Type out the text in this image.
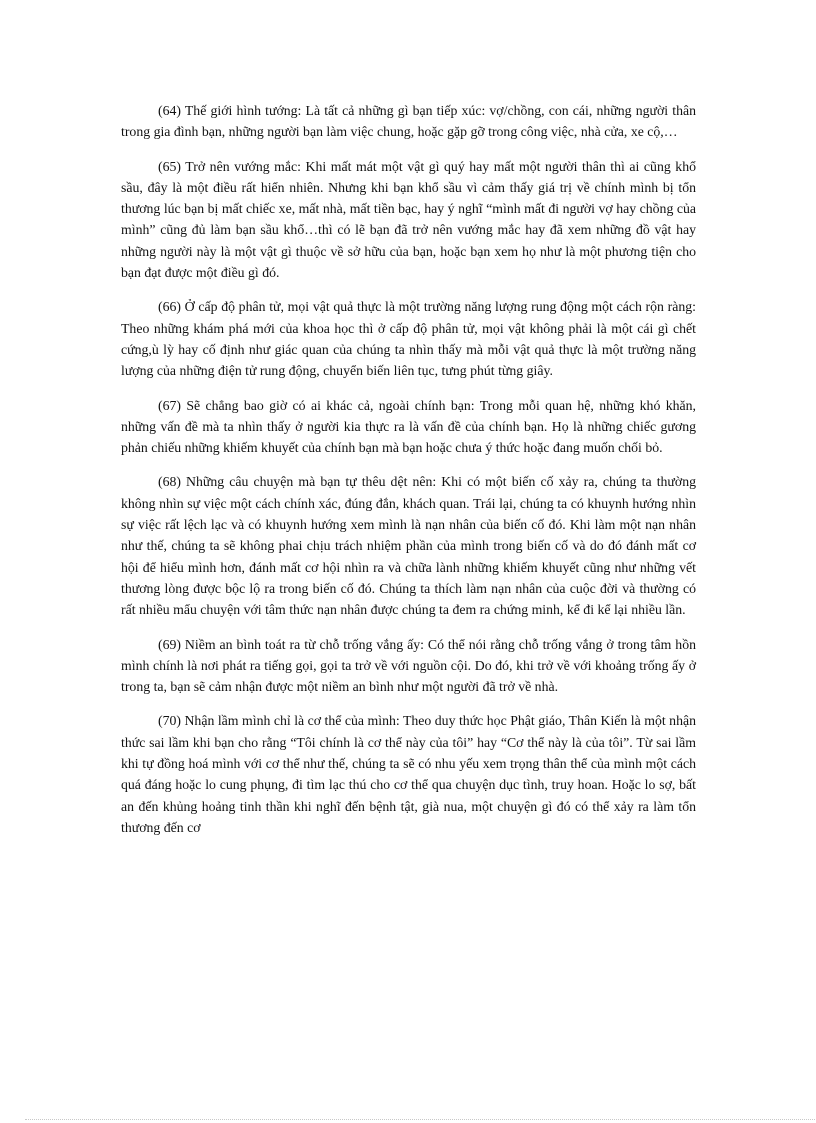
(64) Thế giới hình tướng: Là tất cả những gì bạn tiếp xúc: vợ/chồng, con cái, những người thân trong gia đình bạn, những người bạn làm việc chung, hoặc gặp gỡ trong công việc, nhà cửa, xe cộ,…

(65) Trở nên vướng mắc: Khi mất mát một vật gì quý hay mất một người thân thì ai cũng khổ sầu, đây là một điều rất hiển nhiên. Nhưng khi bạn khổ sầu vì cảm thấy giá trị về chính mình bị tổn thương lúc bạn bị mất chiếc xe, mất nhà, mất tiền bạc, hay ý nghĩ “mình mất đi người vợ hay chồng của mình” cũng đủ làm bạn sầu khổ…thì có lẽ bạn đã trở nên vướng mắc hay đã xem những đồ vật hay những người này là một vật gì thuộc về sở hữu của bạn, hoặc bạn xem họ như là một phương tiện cho bạn đạt được một điều gì đó.

(66) Ở cấp độ phân tử, mọi vật quả thực là một trường năng lượng rung động một cách rộn ràng: Theo những khám phá mới của khoa học thì ở cấp độ phân tử, mọi vật không phải là một cái gì chết cứng,ù lỳ hay cố định như giác quan của chúng ta nhìn thấy mà mỗi vật quả thực là một trường năng lượng của những điện tử rung động, chuyển biến liên tục, tưng phút từng giây.

(67) Sẽ chẳng bao giờ có ai khác cả, ngoài chính bạn: Trong mỗi quan hệ, những khó khăn, những vấn đề mà ta nhìn thấy ở người kia thực ra là vấn đề của chính bạn. Họ là những chiếc gương phản chiếu những khiếm khuyết của chính bạn mà bạn hoặc chưa ý thức hoặc đang muốn chối bỏ.

(68) Những câu chuyện mà bạn tự thêu dệt nên: Khi có một biến cố xảy ra, chúng ta thường không nhìn sự việc một cách chính xác, đúng đắn, khách quan. Trái lại, chúng ta có khuynh hướng nhìn sự việc rất lệch lạc và có khuynh hướng xem mình là nạn nhân của biến cố đó. Khi làm một nạn nhân như thế, chúng ta sẽ không phai chịu trách nhiệm phần của mình trong biến cố và do đó đánh mất cơ hội để hiểu mình hơn, đánh mất cơ hội nhìn ra và chữa lành những khiếm khuyết cũng như những vết thương lòng được bộc lộ ra trong biến cố đó. Chúng ta thích làm nạn nhân của cuộc đời và thường có rất nhiều mẩu chuyện với tâm thức nạn nhân được chúng ta đem ra chứng minh, kể đi kể lại nhiều lần.

(69) Niềm an bình toát ra từ chỗ trống vắng ấy: Có thể nói rằng chỗ trống vắng ở trong tâm hồn mình chính là nơi phát ra tiếng gọi, gọi ta trở về với nguồn cội. Do đó, khi trở về với khoảng trống ấy ở trong ta, bạn sẽ cảm nhận được một niềm an bình như một người đã trở về nhà.

(70) Nhận lầm mình chỉ là cơ thể của mình: Theo duy thức học Phật giáo, Thân Kiến là một nhận thức sai lầm khi bạn cho rằng “Tôi chính là cơ thể này của tôi” hay “Cơ thể này là của tôi”. Từ sai lầm khi tự đồng hoá mình với cơ thể như thế, chúng ta sẽ có nhu yếu xem trọng thân thể của mình một cách quá đáng hoặc lo cung phụng, đi tìm lạc thú cho cơ thể qua chuyện dục tình, truy hoan. Hoặc lo sợ, bất an đến khủng hoảng tinh thần khi nghĩ đến bệnh tật, già nua, một chuyện gì đó có thể xảy ra làm tổn thương đến cơ
